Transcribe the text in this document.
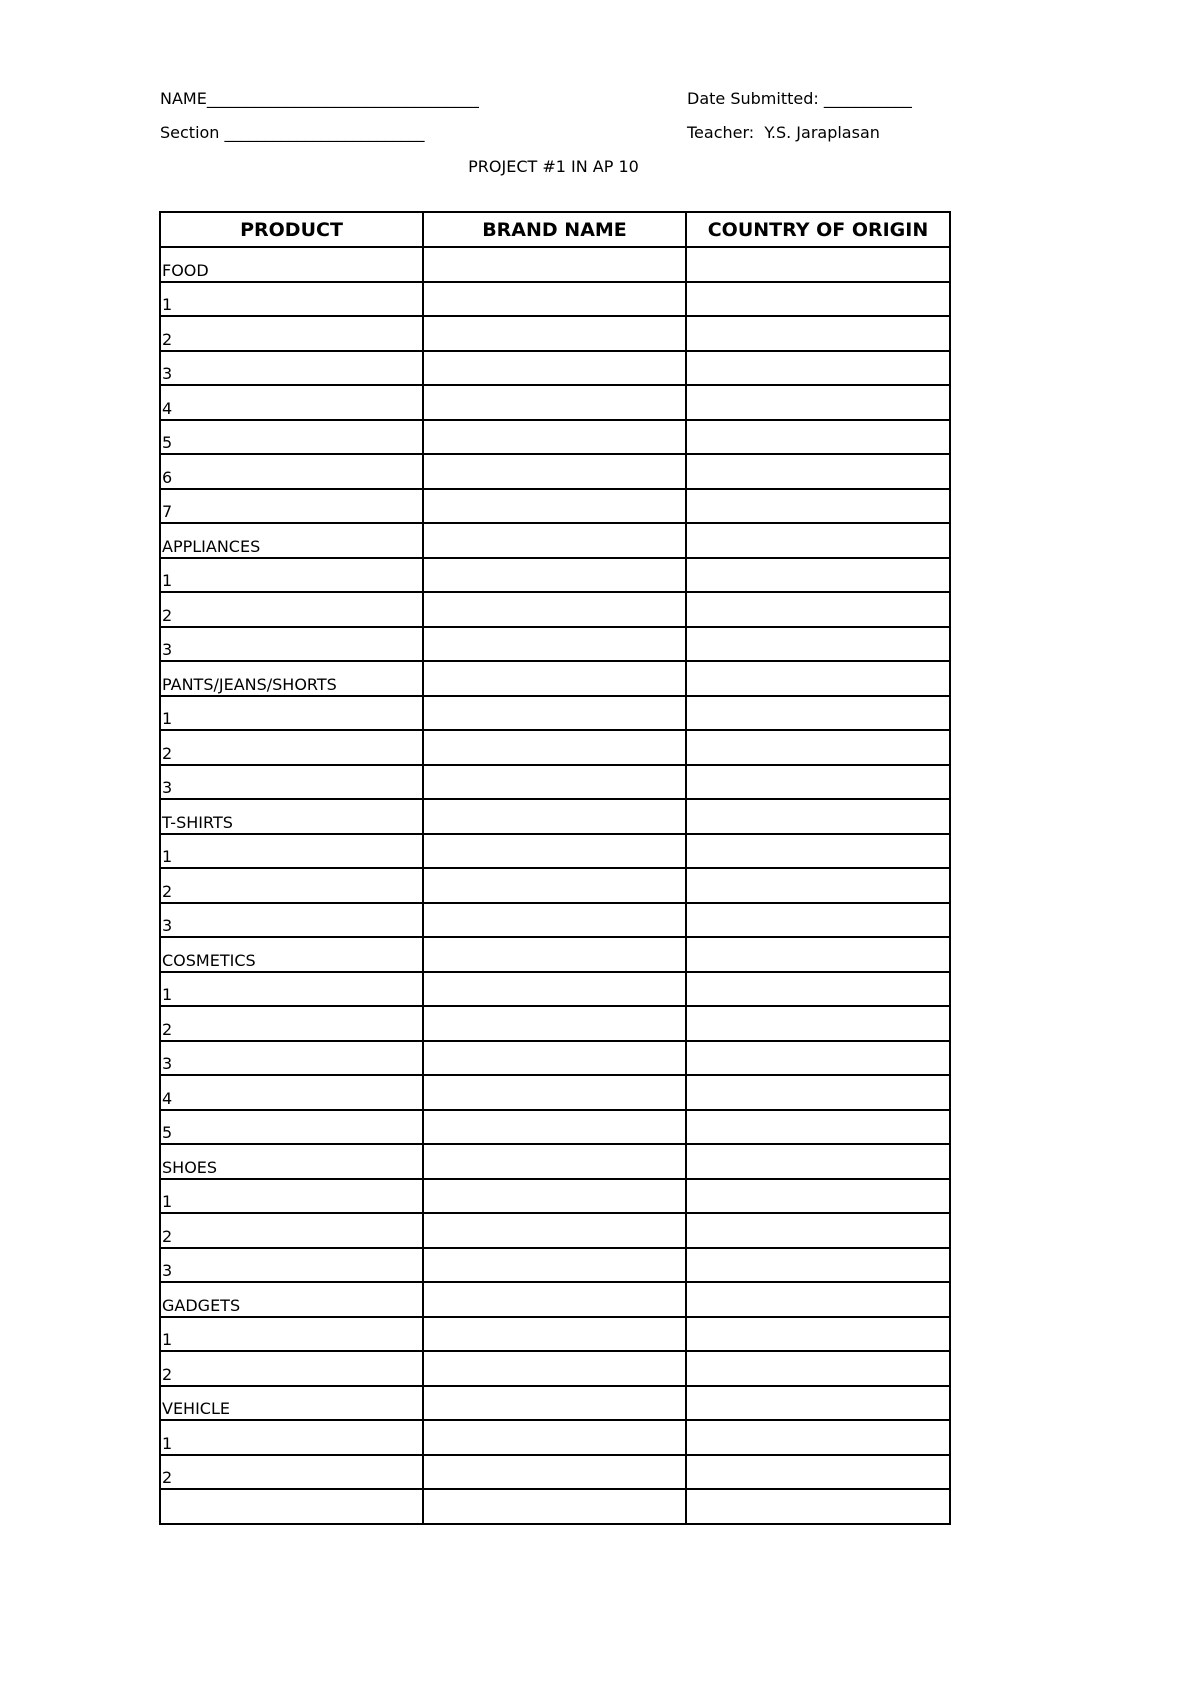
NAME__________________________________	Date Submitted: ___________
Section _________________________	Teacher:  Y.S. Jaraplasan
PROJECT #1 IN AP 10
PRODUCT	BRAND NAME	COUNTRY OF ORIGIN
FOOD		
1		
2		
3		
4		
5		
6		
7		
APPLIANCES		
1		
2		
3		
PANTS/JEANS/SHORTS		
1		
2		
3		
T-SHIRTS		
1		
2		
3		
COSMETICS		
1		
2		
3		
4		
5		
SHOES		
1		
2		
3		
GADGETS		
1		
2		
VEHICLE		
1		
2		
